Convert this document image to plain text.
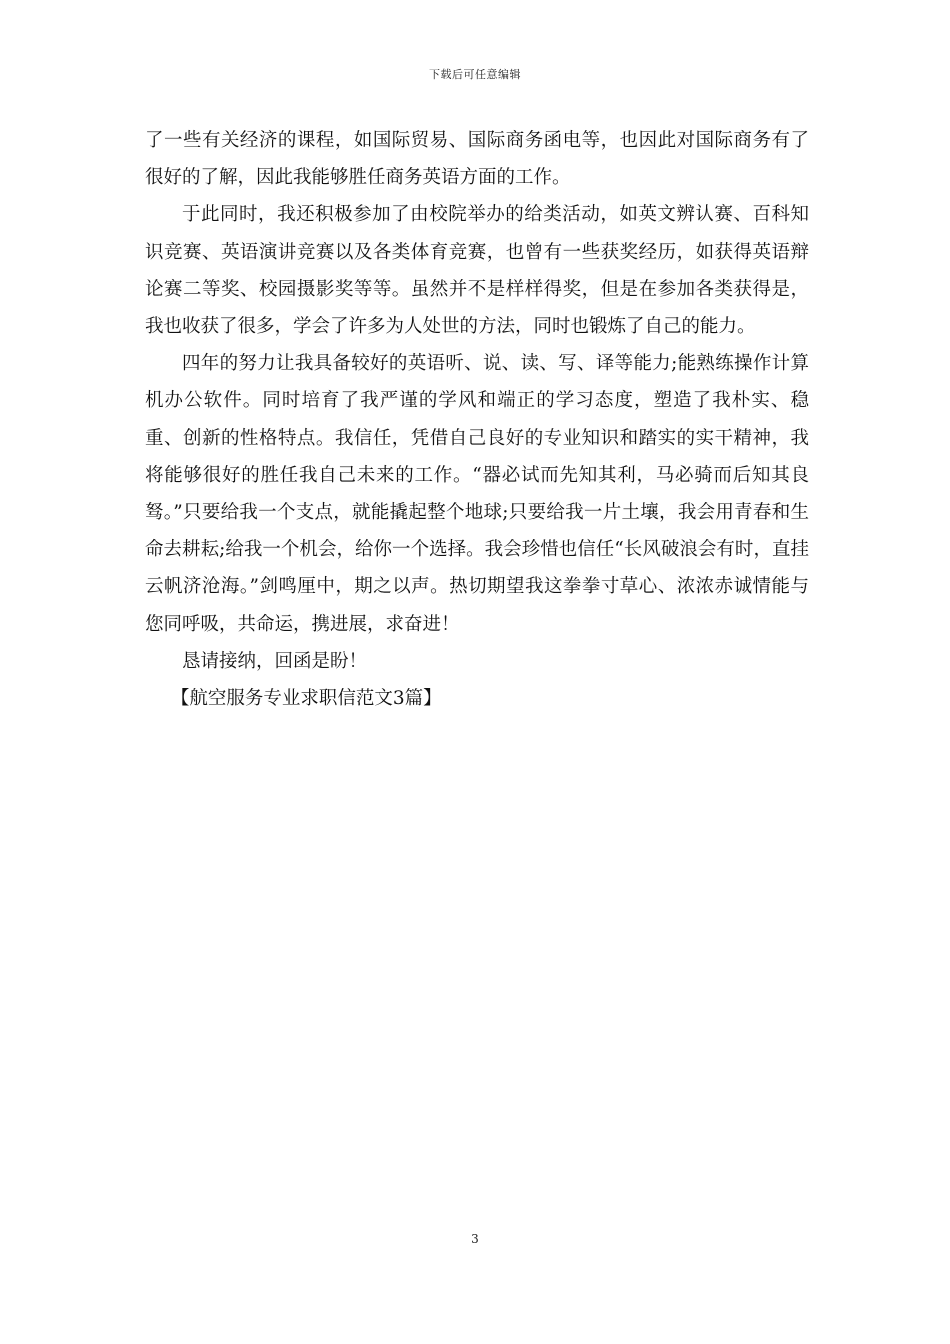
下载后可任意编辑

了一些有关经济的课程，如国际贸易、国际商务函电等，也因此对国际商务有了很好的了解，因此我能够胜任商务英语方面的工作。

于此同时，我还积极参加了由校院举办的给类活动，如英文辨认赛、百科知识竞赛、英语演讲竞赛以及各类体育竞赛，也曾有一些获奖经历，如获得英语辩论赛二等奖、校园摄影奖等等。虽然并不是样样得奖，但是在参加各类获得是，我也收获了很多，学会了许多为人处世的方法，同时也锻炼了自己的能力。

四年的努力让我具备较好的英语听、说、读、写、译等能力;能熟练操作计算机办公软件。同时培育了我严谨的学风和端正的学习态度，塑造了我朴实、稳重、创新的性格特点。我信任，凭借自己良好的专业知识和踏实的实干精神，我将能够很好的胜任我自己未来的工作。“器必试而先知其利，马必骑而后知其良驽。”只要给我一个支点，就能撬起整个地球;只要给我一片土壤，我会用青春和生命去耕耘;给我一个机会，给你一个选择。我会珍惜也信任“长风破浪会有时，直挂云帆济沧海。”剑鸣厘中，期之以声。热切期望我这拳拳寸草心、浓浓赤诚情能与您同呼吸，共命运，携进展，求奋进！

恳请接纳，回函是盼！

【航空服务专业求职信范文3篇】

3
